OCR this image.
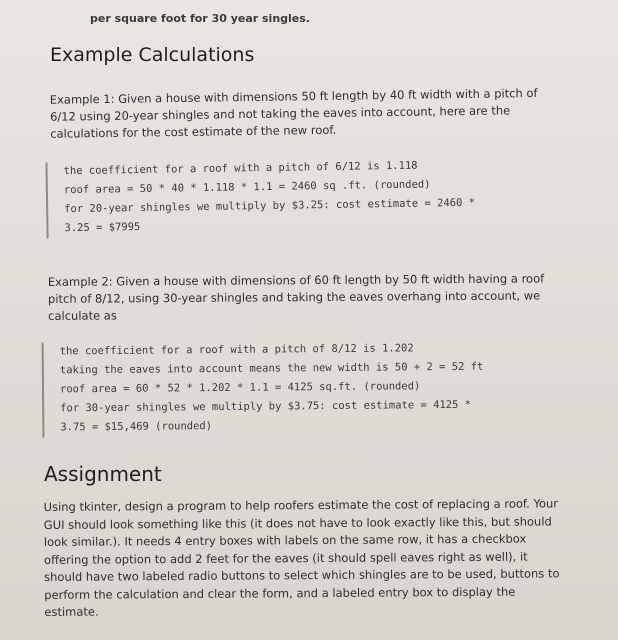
per square foot for 30 year singles.
Example Calculations
Example 1: Given a house with dimensions 50 ft length by 40 ft width with a pitch of
6/12 using 20-year shingles and not taking the eaves into account, here are the
calculations for the cost estimate of the new roof.
the coefficient for a roof with a pitch of 6/12 is 1.118
roof area = 50 * 40 * 1.118 * 1.1 = 2460 sq .ft. (rounded)
for 20-year shingles we multiply by $3.25: cost estimate = 2460 *
3.25 = $7995
Example 2: Given a house with dimensions of 60 ft length by 50 ft width having a roof
pitch of 8/12, using 30-year shingles and taking the eaves overhang into account, we
calculate as
the coefficient for a roof with a pitch of 8/12 is 1.202
taking the eaves into account means the new width is 50 + 2 = 52 ft
roof area = 60 * 52 * 1.202 * 1.1 = 4125 sq.ft. (rounded)
for 30-year shingles we multiply by $3.75: cost estimate = 4125 *
3.75 = $15,469 (rounded)
Assignment
Using tkinter, design a program to help roofers estimate the cost of replacing a roof. Your
GUI should look something like this (it does not have to look exactly like this, but should
look similar.). It needs 4 entry boxes with labels on the same row, it has a checkbox
offering the option to add 2 feet for the eaves (it should spell eaves right as well), it
should have two labeled radio buttons to select which shingles are to be used, buttons to
perform the calculation and clear the form, and a labeled entry box to display the
estimate.
